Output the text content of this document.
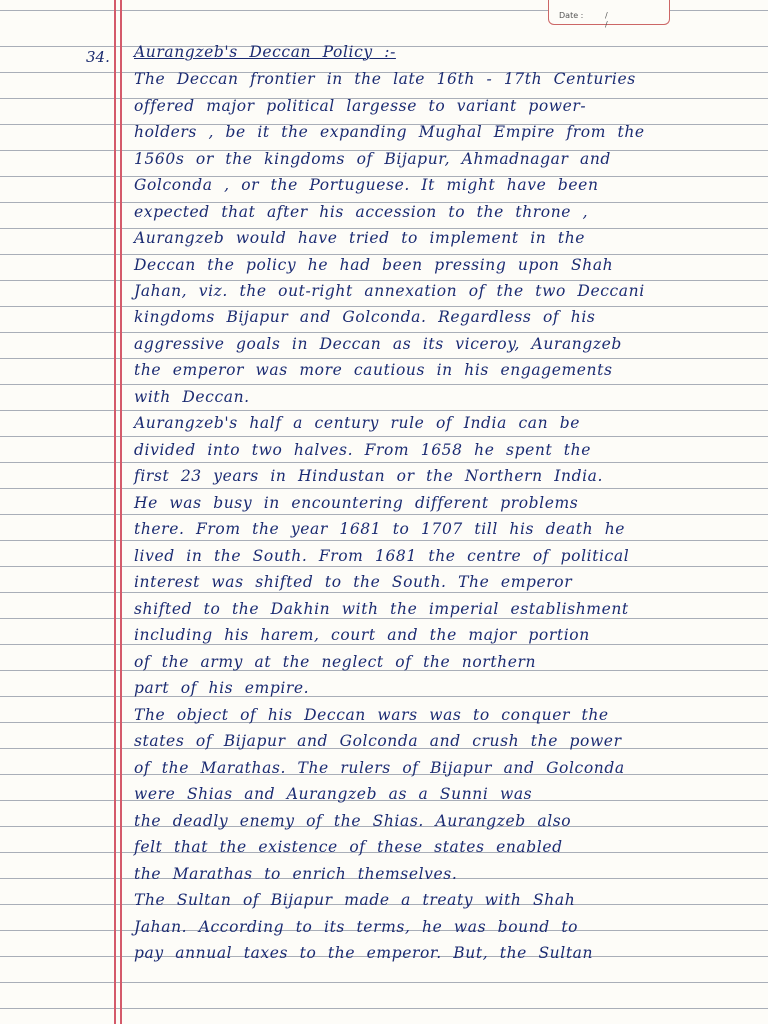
Date :	/ /
34. Aurangzeb's Deccan Policy :-
The Deccan frontier in the late 16th - 17th Centuries
offered major political largesse to variant power-
holders , be it the expanding Mughal Empire from the
1560s or the kingdoms of Bijapur, Ahmadnagar and
Golconda , or the Portuguese. It might have been
expected that after his accession to the throne ,
Aurangzeb would have tried to implement in the
Deccan the policy he had been pressing upon Shah
Jahan, viz. the out-right annexation of the two Deccani
kingdoms Bijapur and Golconda. Regardless of his
aggressive goals in Deccan as its viceroy, Aurangzeb
the emperor was more cautious in his engagements
with Deccan.
Aurangzeb's half a century rule of India can be
divided into two halves. From 1658 he spent the
first 23 years in Hindustan or the Northern India.
He was busy in encountering different problems
there. From the year 1681 to 1707 till his death he
lived in the South. From 1681 the centre of political
interest was shifted to the South. The emperor
shifted to the Dakhin with the imperial establishment
including his harem, court and the major portion
of the army at the neglect of the northern
part of his empire.
The object of his Deccan wars was to conquer the
states of Bijapur and Golconda and crush the power
of the Marathas. The rulers of Bijapur and Golconda
were Shias and Aurangzeb as a Sunni was
the deadly enemy of the Shias. Aurangzeb also
felt that the existence of these states enabled
the Marathas to enrich themselves.
The Sultan of Bijapur made a treaty with Shah
Jahan. According to its terms, he was bound to
pay annual taxes to the emperor. But, the Sultan
